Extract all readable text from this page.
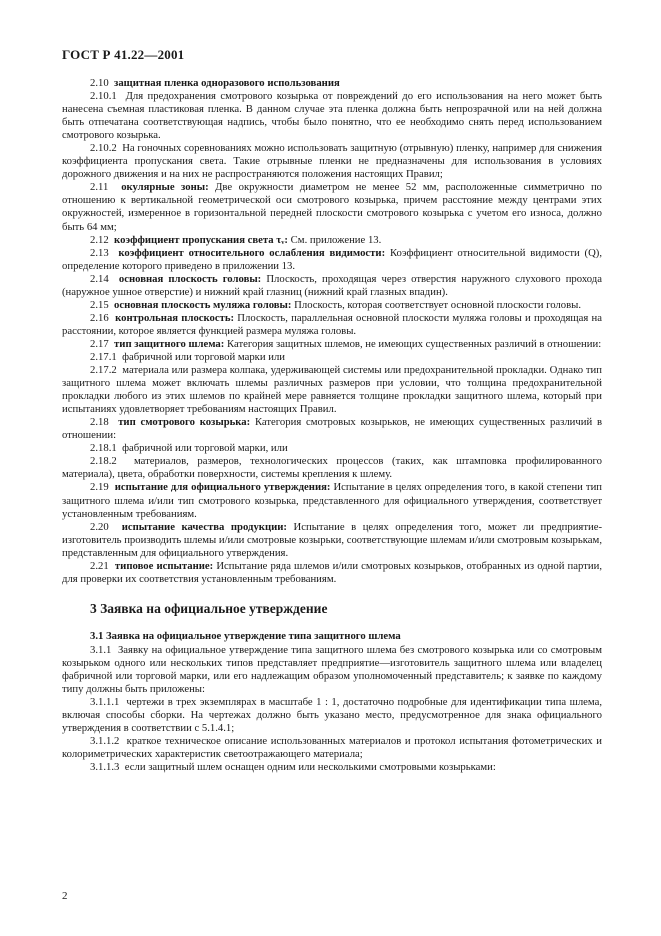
ГОСТ Р 41.22—2001

2.10 защитная пленка одноразового использования

2.10.1 Для предохранения смотрового козырька от повреждений до его использования на него может быть нанесена съемная пластиковая пленка. В данном случае эта пленка должна быть непрозрачной или на ней должна быть отпечатана соответствующая надпись, чтобы было понятно, что ее необходимо снять перед использованием смотрового козырька.

2.10.2 На гоночных соревнованиях можно использовать защитную (отрывную) пленку, например для снижения коэффициента пропускания света. Такие отрывные пленки не предназначены для использования в условиях дорожного движения и на них не распространяются положения настоящих Правил;

2.11 окулярные зоны: Две окружности диаметром не менее 52 мм, расположенные симметрично по отношению к вертикальной геометрической оси смотрового козырька, причем расстояние между центрами этих окружностей, измеренное в горизонтальной передней плоскости смотрового козырька с учетом его износа, должно быть 64 мм;

2.12 коэффициент пропускания света τᵥ: См. приложение 13.

2.13 коэффициент относительного ослабления видимости: Коэффициент относительной видимости (Q), определение которого приведено в приложении 13.

2.14 основная плоскость головы: Плоскость, проходящая через отверстия наружного слухового прохода (наружное ушное отверстие) и нижний край глазниц (нижний край глазных впадин).

2.15 основная плоскость муляжа головы: Плоскость, которая соответствует основной плоскости головы.

2.16 контрольная плоскость: Плоскость, параллельная основной плоскости муляжа головы и проходящая на расстоянии, которое является функцией размера муляжа головы.

2.17 тип защитного шлема: Категория защитных шлемов, не имеющих существенных различий в отношении:

2.17.1 фабричной или торговой марки или

2.17.2 материала или размера колпака, удерживающей системы или предохранительной прокладки. Однако тип защитного шлема может включать шлемы различных размеров при условии, что толщина предохранительной прокладки любого из этих шлемов по крайней мере равняется толщине прокладки защитного шлема, который при испытаниях удовлетворяет требованиям настоящих Правил.

2.18 тип смотрового козырька: Категория смотровых козырьков, не имеющих существенных различий в отношении:

2.18.1 фабричной или торговой марки, или

2.18.2 материалов, размеров, технологических процессов (таких, как штамповка профилированного материала), цвета, обработки поверхности, системы крепления к шлему.

2.19 испытание для официального утверждения: Испытание в целях определения того, в какой степени тип защитного шлема и/или тип смотрового козырька, представленного для официального утверждения, соответствует установленным требованиям.

2.20 испытание качества продукции: Испытание в целях определения того, может ли предприятие-изготовитель производить шлемы и/или смотровые козырьки, соответствующие шлемам и/или смотровым козырькам, представленным для официального утверждения.

2.21 типовое испытание: Испытание ряда шлемов и/или смотровых козырьков, отобранных из одной партии, для проверки их соответствия установленным требованиям.

3 Заявка на официальное утверждение
3.1 Заявка на официальное утверждение типа защитного шлема

3.1.1 Заявку на официальное утверждение типа защитного шлема без смотрового козырька или со смотровым козырьком одного или нескольких типов представляет предприятие—изготовитель защитного шлема или владелец фабричной или торговой марки, или его надлежащим образом уполномоченный представитель; к заявке по каждому типу должны быть приложены:

3.1.1.1 чертежи в трех экземплярах в масштабе 1 : 1, достаточно подробные для идентификации типа шлема, включая способы сборки. На чертежах должно быть указано место, предусмотренное для знака официального утверждения в соответствии с 5.1.4.1;

3.1.1.2 краткое техническое описание использованных материалов и протокол испытания фотометрических и колориметрических характеристик светоотражающего материала;

3.1.1.3 если защитный шлем оснащен одним или несколькими смотровыми козырьками:

2
